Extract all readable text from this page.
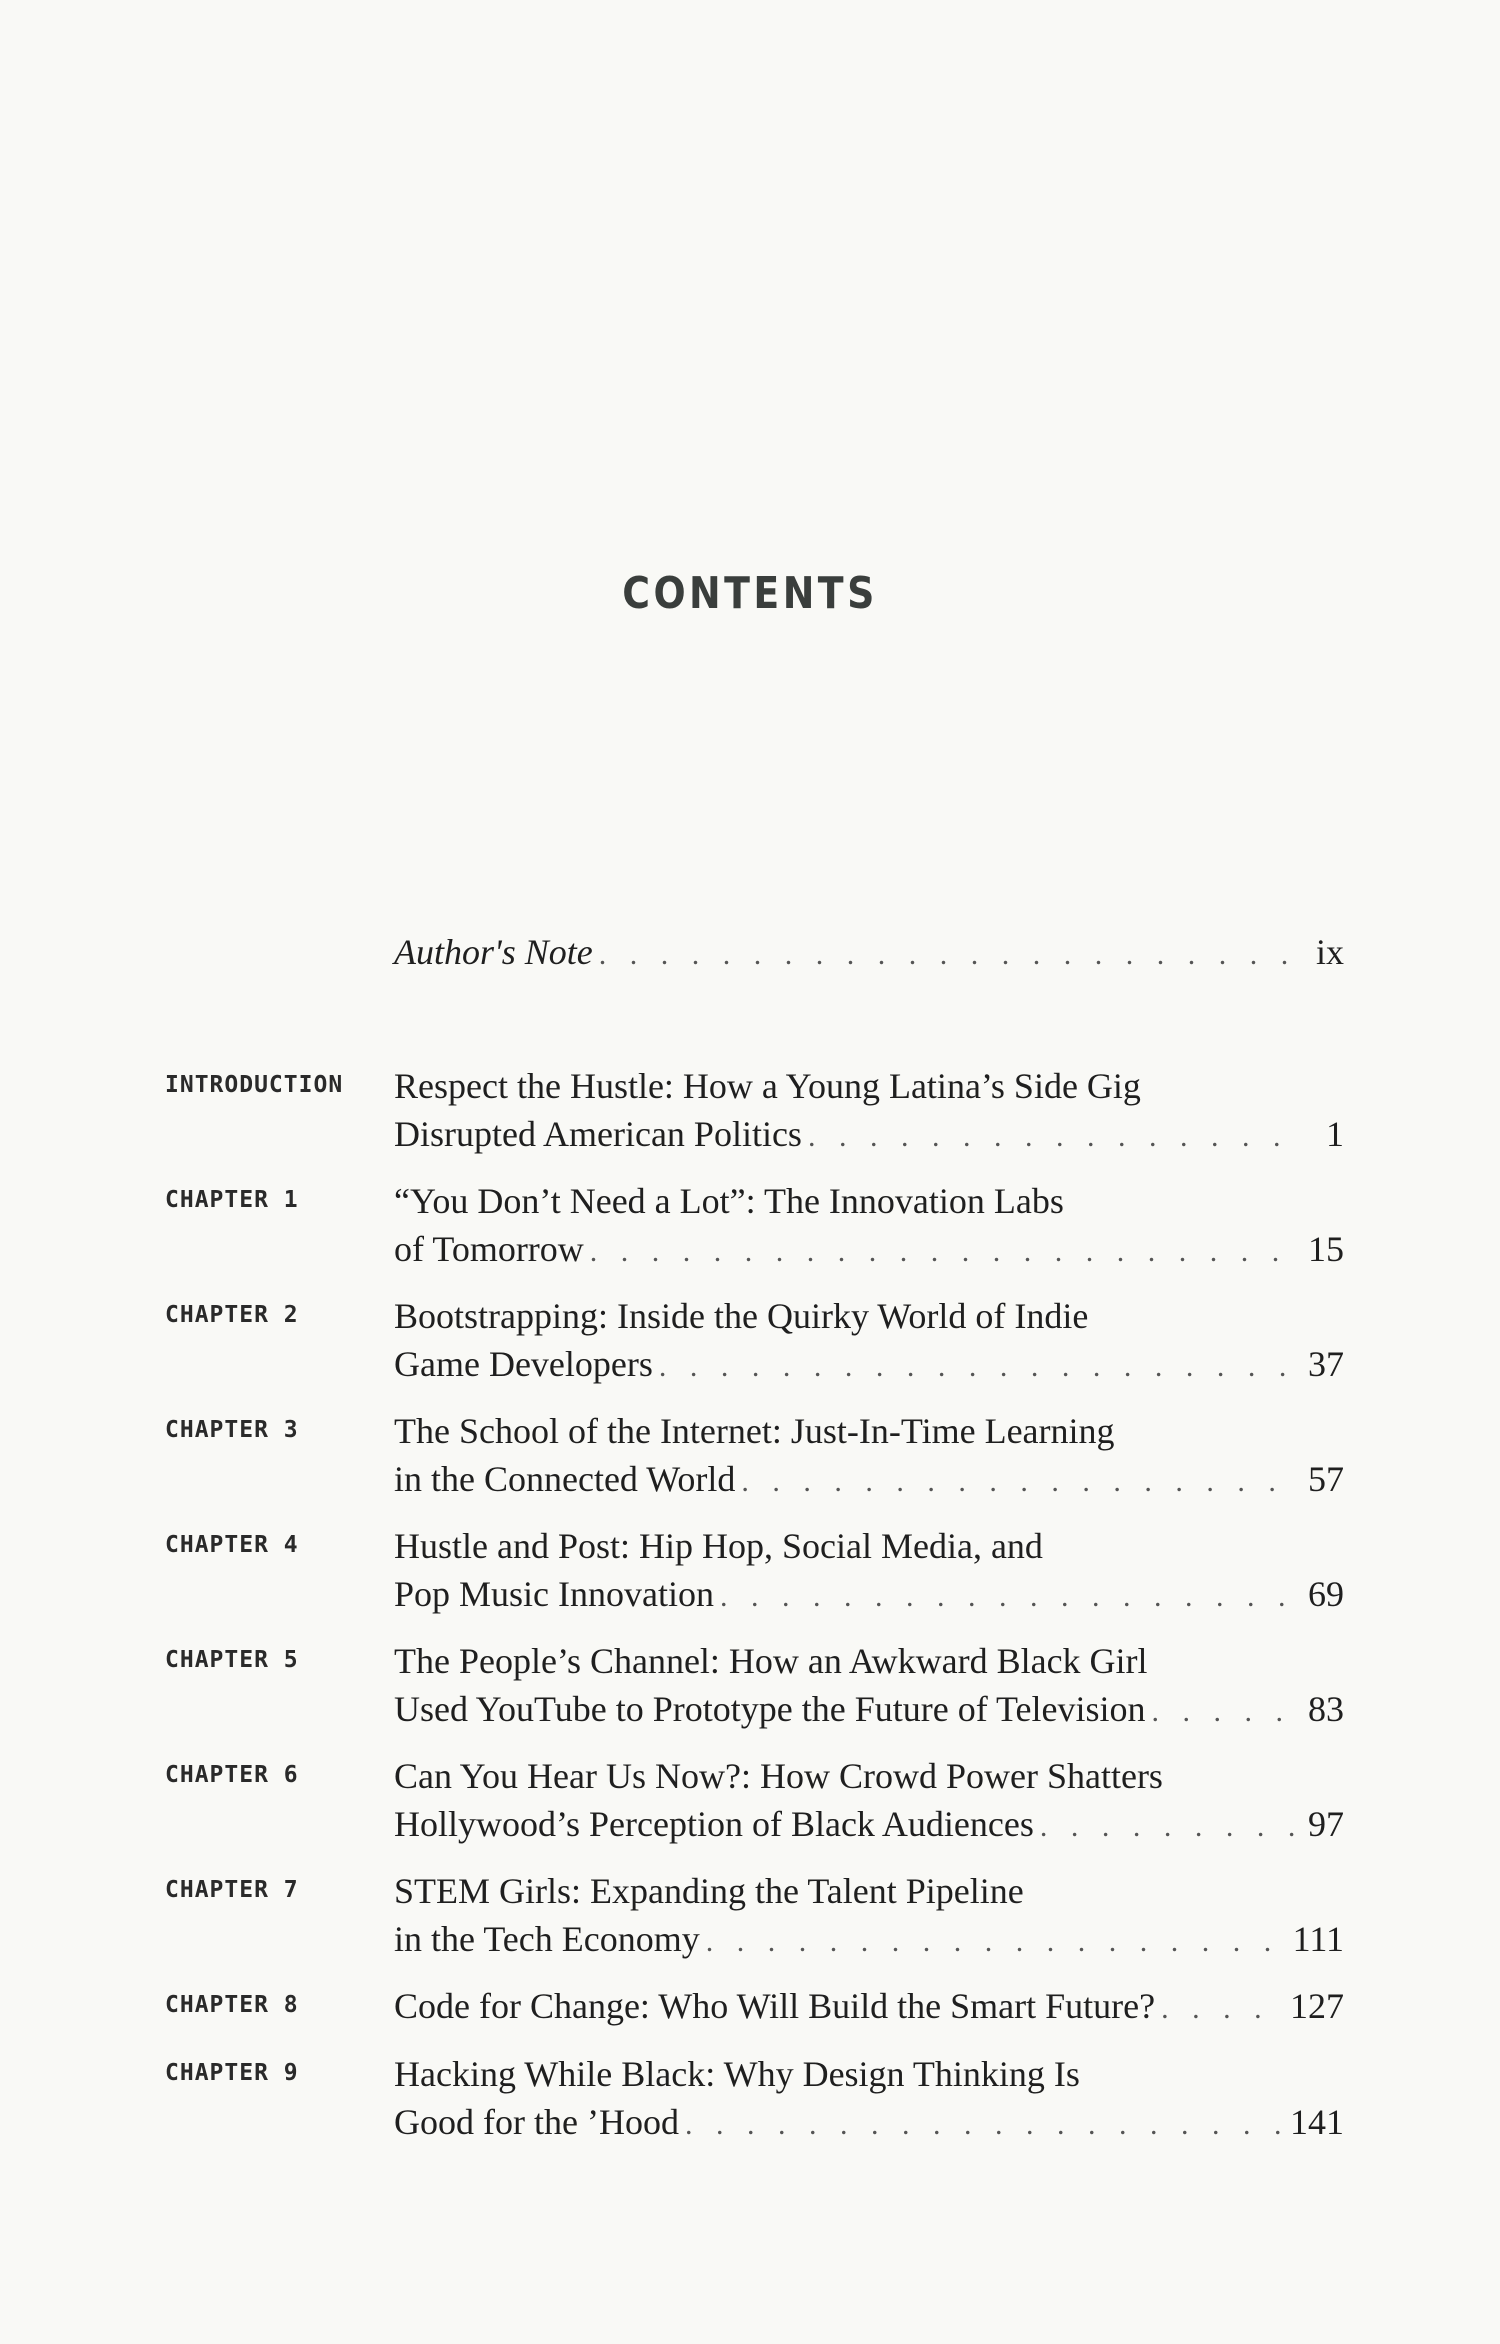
CONTENTS
Author's Note . . .	ix
INTRODUCTION Respect the Hustle: How a Young Latina’s Side Gig
Disrupted American Politics . . .	1
CHAPTER 1	“You Don’t Need a Lot”: The Innovation Labs
of Tomorrow . . .	15
CHAPTER 2	Bootstrapping: Inside the Quirky World of Indie
Game Developers . . .	37
CHAPTER 3	The School of the Internet: Just-In-Time Learning
in the Connected World . . .	57
CHAPTER 4	Hustle and Post: Hip Hop, Social Media, and
Pop Music Innovation . . .	69
CHAPTER 5	The People’s Channel: How an Awkward Black Girl
Used YouTube to Prototype the Future of Television . . .	83
CHAPTER 6	Can You Hear Us Now?: How Crowd Power Shatters
Hollywood’s Perception of Black Audiences . . .	97
CHAPTER 7	STEM Girls: Expanding the Talent Pipeline
in the Tech Economy . . .	111
CHAPTER 8	Code for Change: Who Will Build the Smart Future? . . .	127
CHAPTER 9	Hacking While Black: Why Design Thinking Is
Good for the ’Hood . . .	141
